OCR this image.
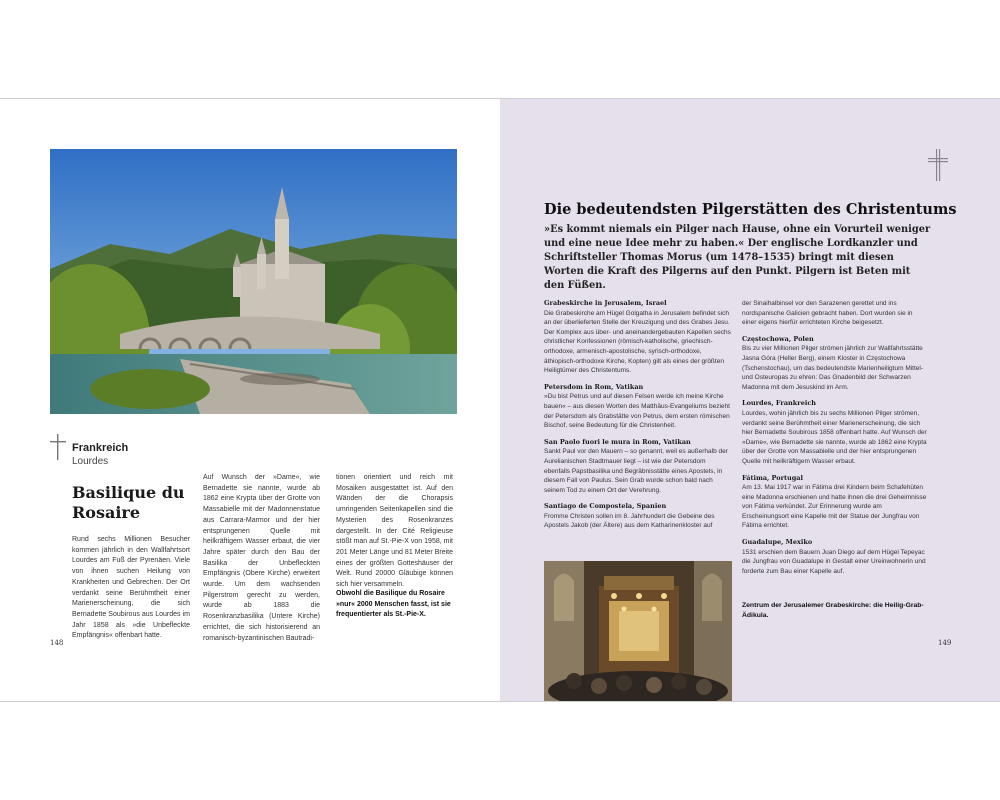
Frankreich
Lourdes
Basilique du Rosaire
Rund sechs Millionen Besucher kommen jährlich in den Wallfahrtsort Lourdes am Fuß der Pyrenäen. Viele von ihnen suchen Heilung von Krankheiten und Gebrechen. Der Ort verdankt seine Berühmtheit einer Marienerscheinung, die sich Bernadette Soubirous aus Lourdes im Jahr 1858 als »die Unbefleckte Empfängnis« offenbart hatte.
Auf Wunsch der »Dame«, wie Bernadette sie nannte, wurde ab 1862 eine Krypta über der Grotte von Massabielle mit der Madonnenstatue aus Carrara-Marmor und der hier entsprungenen Quelle mit heilkräftigem Wasser erbaut, die vier Jahre später durch den Bau der Basilika der Unbefleckten Empfängnis (Obere Kirche) erweitert wurde. Um dem wachsenden Pilgerstrom gerecht zu werden, wurde ab 1883 die Rosenkranzbasilika (Untere Kirche) errichtet, die sich historisierend an romanisch-byzantinischen Bautradi-
tionen orientiert und reich mit Mosaiken ausgestattet ist. Auf den Wänden der die Chorapsis umringenden Seitenkapellen sind die Mysterien des Rosenkranzes dargestellt. In der Cité Religieuse stößt man auf St.-Pie-X von 1958, mit 201 Meter Länge und 81 Meter Breite eines der größten Gotteshäuser der Welt. Rund 20000 Gläubige können sich hier versammeln.
Obwohl die Basilique du Rosaire »nur« 2000 Menschen fasst, ist sie frequentierter als St.-Pie-X.
148
Die bedeutendsten Pilgerstätten des Christentums
»Es kommt niemals ein Pilger nach Hause, ohne ein Vorurteil weniger und eine neue Idee mehr zu haben.« Der englische Lordkanzler und Schriftsteller Thomas Morus (um 1478–1535) bringt mit diesen Worten die Kraft des Pilgerns auf den Punkt. Pilgern ist Beten mit den Füßen.
Grabeskirche in Jerusalem, Israel
Die Grabeskirche am Hügel Golgatha in Jerusalem befindet sich an der überlieferten Stelle der Kreuzigung und des Grabes Jesu. Der Komplex aus über- und aneinandergebauten Kapellen sechs christlicher Konfessionen (römisch-katholische, griechisch-orthodoxe, armenisch-apostolische, syrisch-orthodoxe, äthiopisch-orthodoxe Kirche, Kopten) gilt als eines der größten Heiligtümer des Christentums.
Petersdom in Rom, Vatikan
»Du bist Petrus und auf diesen Felsen werde ich meine Kirche bauen« – aus diesen Worten des Matthäus-Evangeliums bezieht der Petersdom als Grabstätte von Petrus, dem ersten römischen Bischof, seine Bedeutung für die Christenheit.
San Paolo fuori le mura in Rom, Vatikan
Sankt Paul vor den Mauern – so genannt, weil es außerhalb der Aurelianischen Stadtmauer liegt – ist wie der Petersdom ebenfalls Papstbasilika und Begräbnisstätte eines Apostels, in diesem Fall von Paulus. Sein Grab wurde schon bald nach seinem Tod zu einem Ort der Verehrung.
Santiago de Compostela, Spanien
Fromme Christen sollen im 8. Jahrhundert die Gebeine des Apostels Jakob (der Ältere) aus dem Katharinenkloster auf
der Sinaihalbinsel vor den Sarazenen gerettet und ins nordspanische Galicien gebracht haben. Dort wurden sie in einer eigens hierfür errichteten Kirche beigesetzt.
Częstochowa, Polen
Bis zu vier Millionen Pilger strömen jährlich zur Wallfahrtsstätte Jasna Góra (Heller Berg), einem Kloster in Częstochowa (Tschenstochau), um das bedeutendste Marienheiligtum Mittel- und Osteuropas zu ehren: Das Gnadenbild der Schwarzen Madonna mit dem Jesuskind im Arm.
Lourdes, Frankreich
Lourdes, wohin jährlich bis zu sechs Millionen Pilger strömen, verdankt seine Berühmtheit einer Marienerscheinung, die sich hier Bernadette Soubirous 1858 offenbart hatte. Auf Wunsch der »Dame«, wie Bernadette sie nannte, wurde ab 1862 eine Krypta über der Grotte von Massabielle und der hier entsprungenen Quelle mit heilkräftigem Wasser erbaut.
Fátima, Portugal
Am 13. Mai 1917 war in Fátima drei Kindern beim Schafehüten eine Madonna erschienen und hatte ihnen die drei Geheimnisse von Fátima verkündet. Zur Erinnerung wurde am Erscheinungsort eine Kapelle mit der Statue der Jungfrau von Fátima errichtet.
Guadalupe, Mexiko
1531 erschien dem Bauern Juan Diego auf dem Hügel Tepeyac die Jungfrau von Guadalupe in Gestalt einer Ureinwohnerin und forderte zum Bau einer Kapelle auf.
Zentrum der Jerusalemer Grabeskirche: die Heilig-Grab-Ädikula.
149
